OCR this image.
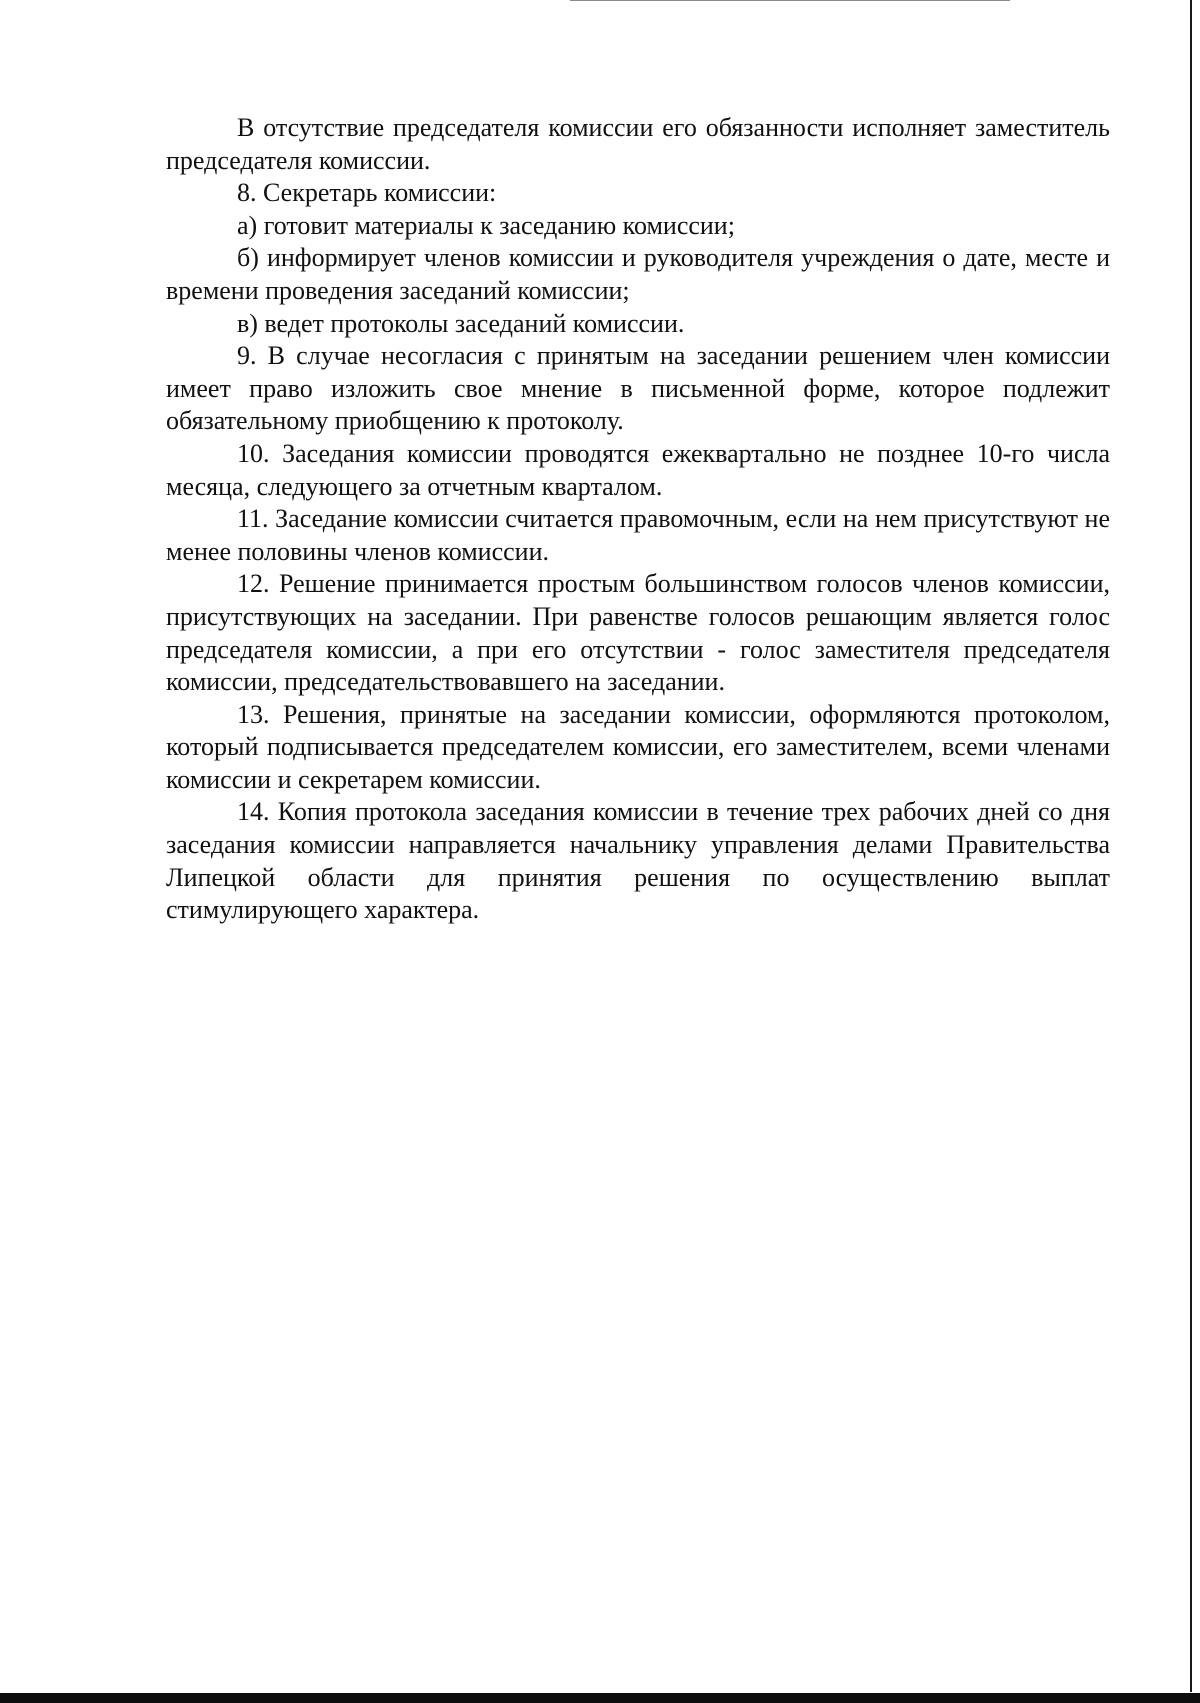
В отсутствие председателя комиссии его обязанности исполняет заместитель председателя комиссии.

8. Секретарь комиссии:

а) готовит материалы к заседанию комиссии;

б) информирует членов комиссии и руководителя учреждения о дате, месте и времени проведения заседаний комиссии;

в) ведет протоколы заседаний комиссии.

9. В случае несогласия с принятым на заседании решением член комиссии имеет право изложить свое мнение в письменной форме, которое подлежит обязательному приобщению к протоколу.

10. Заседания комиссии проводятся ежеквартально не позднее 10-го числа месяца, следующего за отчетным кварталом.

11. Заседание комиссии считается правомочным, если на нем присутствуют не менее половины членов комиссии.

12. Решение принимается простым большинством голосов членов комиссии, присутствующих на заседании. При равенстве голосов решающим является голос председателя комиссии, а при его отсутствии - голос заместителя председателя комиссии, председательствовавшего на заседании.

13. Решения, принятые на заседании комиссии, оформляются протоколом, который подписывается председателем комиссии, его заместителем, всеми членами комиссии и секретарем комиссии.

14. Копия протокола заседания комиссии в течение трех рабочих дней со дня заседания комиссии направляется начальнику управления делами Правительства Липецкой области для принятия решения по осуществлению выплат стимулирующего характера.
